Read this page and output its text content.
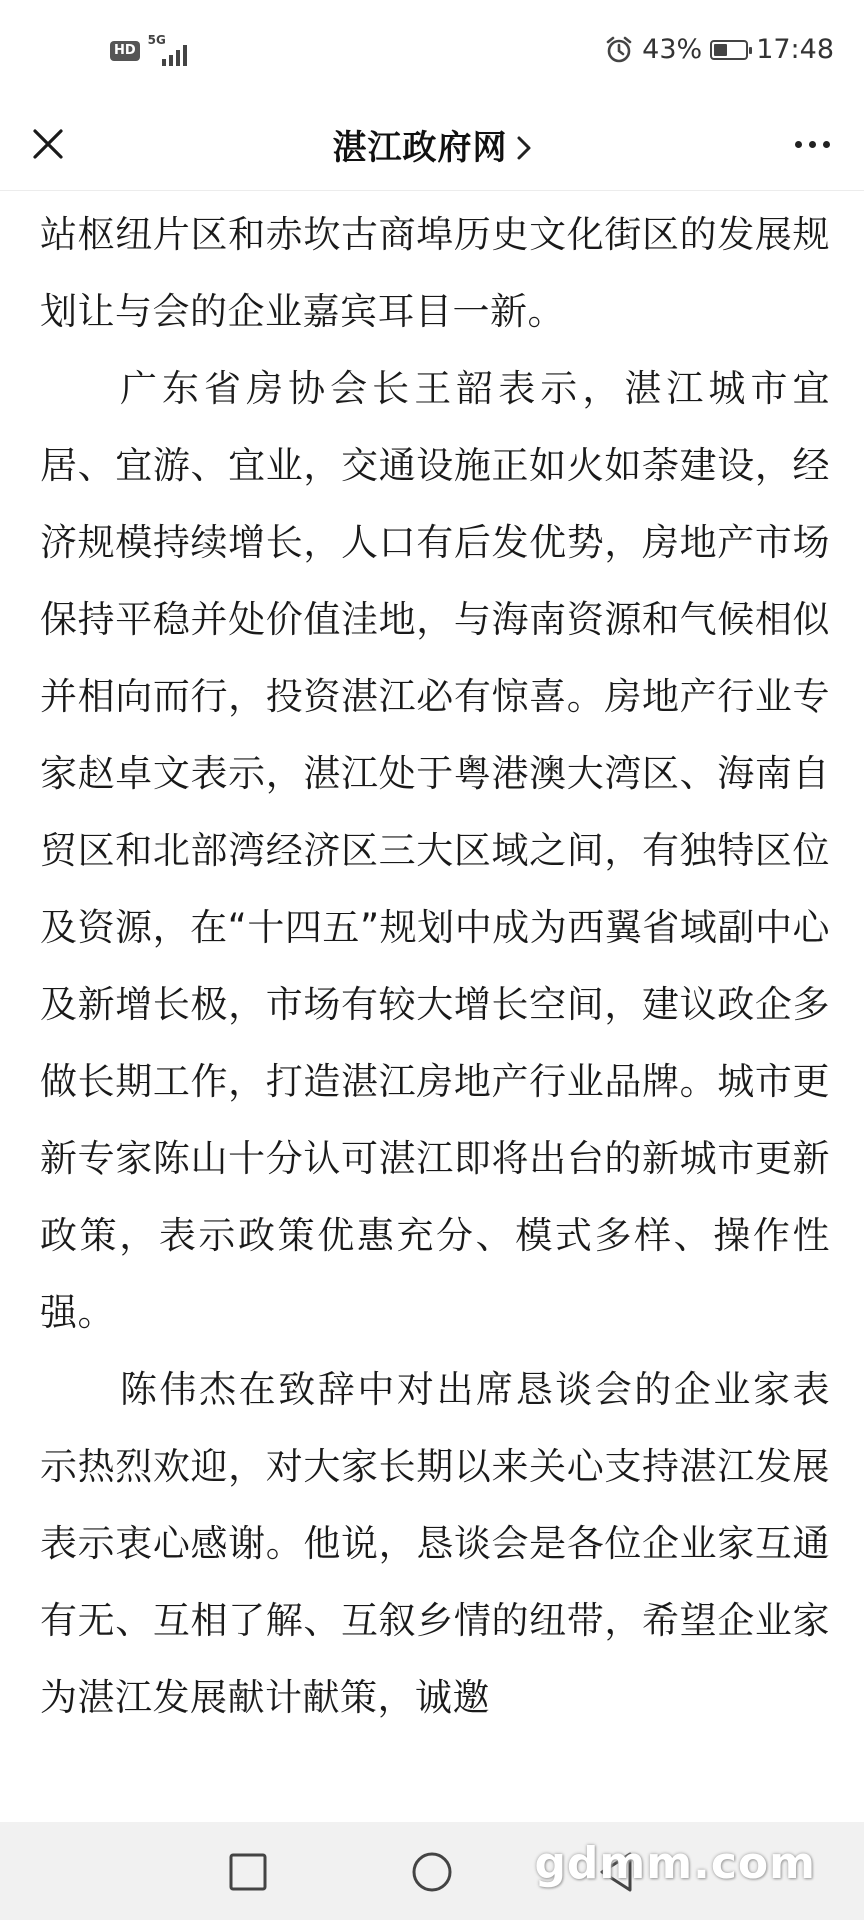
HD
5G	43% 17:48
湛江政府网

站枢纽片区和赤坎古商埠历史文化街区的发展规划让与会的企业嘉宾耳目一新。

广东省房协会长王韶表示，湛江城市宜居、宜游、宜业，交通设施正如火如荼建设，经济规模持续增长，人口有后发优势，房地产市场保持平稳并处价值洼地，与海南资源和气候相似并相向而行，投资湛江必有惊喜。房地产行业专家赵卓文表示，湛江处于粤港澳大湾区、海南自贸区和北部湾经济区三大区域之间，有独特区位及资源，在“十四五”规划中成为西翼省域副中心及新增长极，市场有较大增长空间，建议政企多做长期工作，打造湛江房地产行业品牌。城市更新专家陈山十分认可湛江即将出台的新城市更新政策，表示政策优惠充分、模式多样、操作性强。

陈伟杰在致辞中对出席恳谈会的企业家表示热烈欢迎，对大家长期以来关心支持湛江发展表示衷心感谢。他说，恳谈会是各位企业家互通有无、互相了解、互叙乡情的纽带，希望企业家为湛江发展献计献策，诚邀

gdmm.com
